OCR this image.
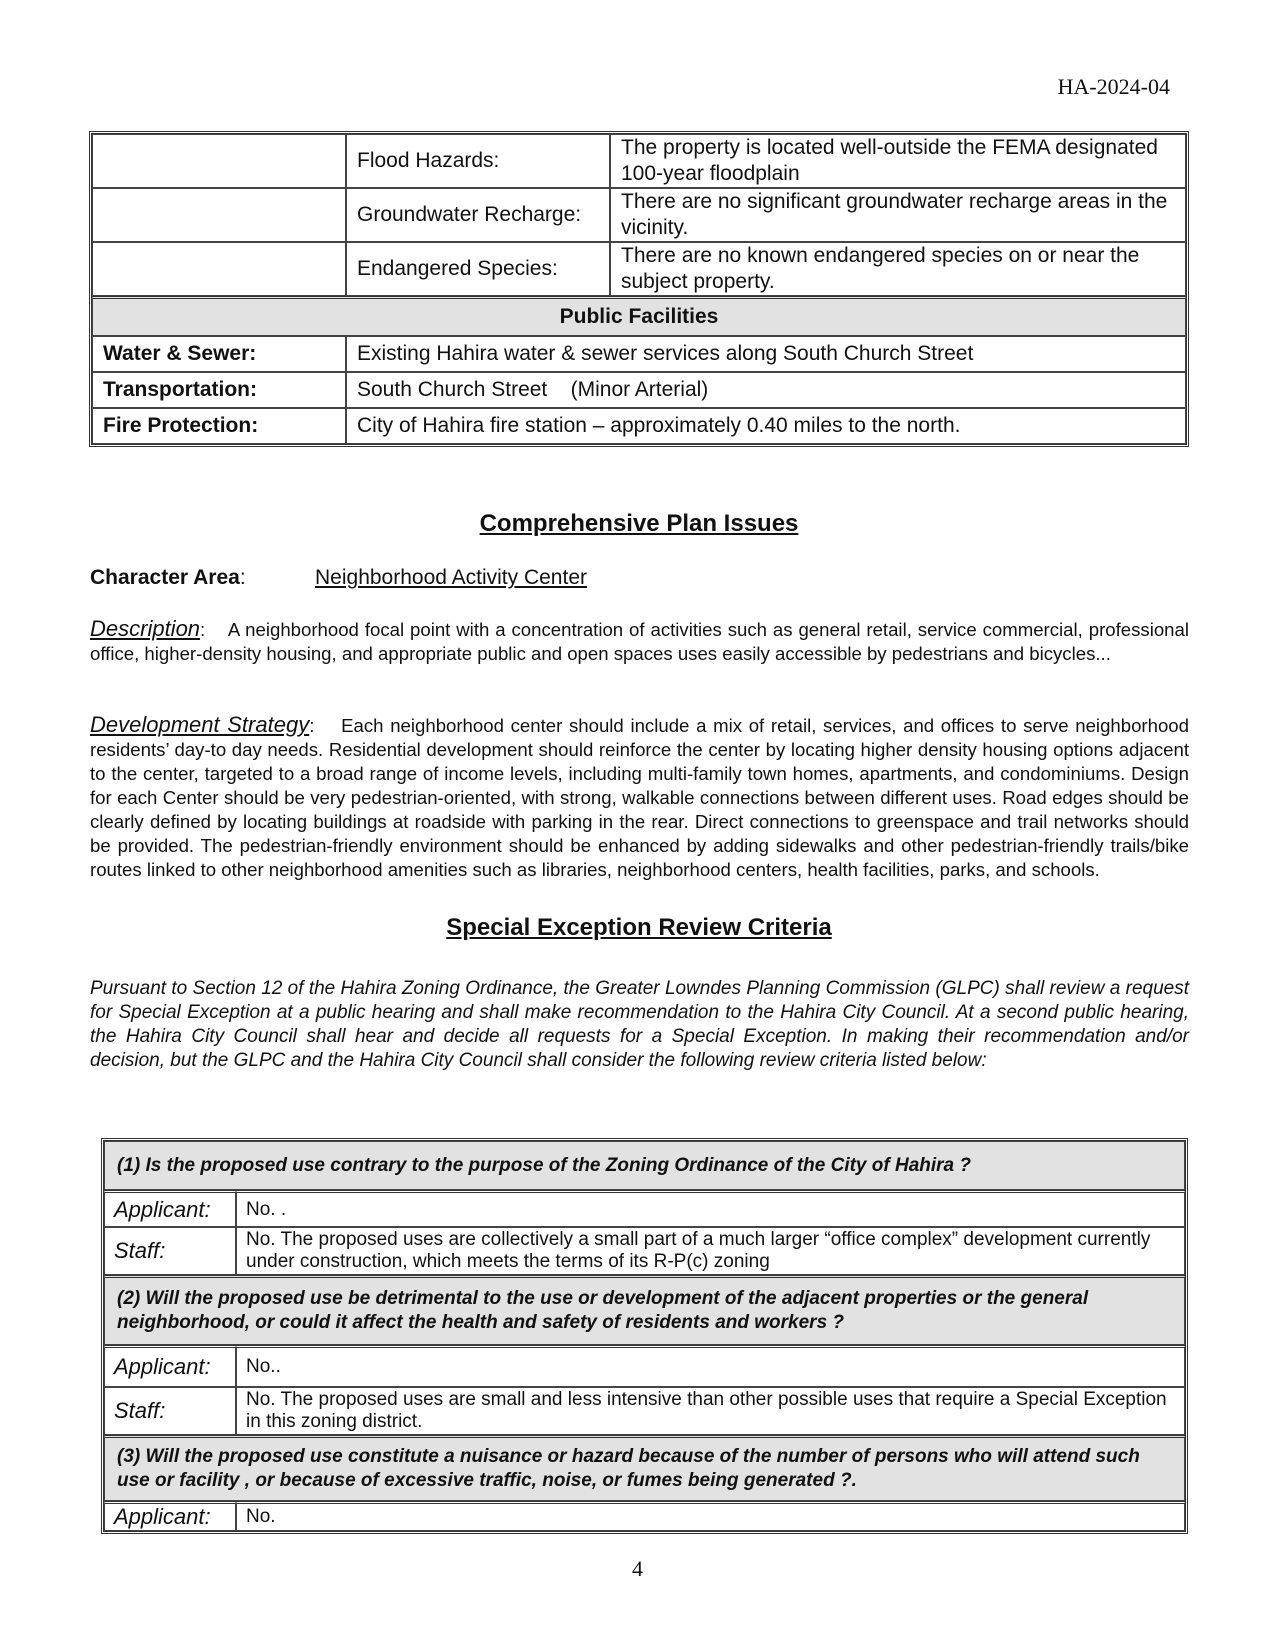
HA-2024-04
	Flood Hazards:	The property is located well-outside the FEMA designated 100-year floodplain
	Groundwater Recharge:	There are no significant groundwater recharge areas in the vicinity.
	Endangered Species:	There are no known endangered species on or near the subject property.
Public Facilities		
Water & Sewer:	Existing Hahira water & sewer services along South Church Street	
Transportation:	South Church Street    (Minor Arterial)	
Fire Protection:	City of Hahira fire station – approximately 0.40 miles to the north.	
Comprehensive Plan Issues
Character Area:	Neighborhood Activity Center
Description:    A neighborhood focal point with a concentration of activities such as general retail, service commercial, professional office, higher-density housing, and appropriate public and open spaces uses easily accessible by pedestrians and bicycles...
Development Strategy:    Each neighborhood center should include a mix of retail, services, and offices to serve neighborhood residents’ day-to day needs. Residential development should reinforce the center by locating higher density housing options adjacent to the center, targeted to a broad range of income levels, including multi-family town homes, apartments, and condominiums. Design for each Center should be very pedestrian-oriented, with strong, walkable connections between different uses. Road edges should be clearly defined by locating buildings at roadside with parking in the rear. Direct connections to greenspace and trail networks should be provided. The pedestrian-friendly environment should be enhanced by adding sidewalks and other pedestrian-friendly trails/bike routes linked to other neighborhood amenities such as libraries, neighborhood centers, health facilities, parks, and schools.
Special Exception Review Criteria
Pursuant to Section 12 of the Hahira Zoning Ordinance, the Greater Lowndes Planning Commission (GLPC) shall review a request for Special Exception at a public hearing and shall make recommendation to the Hahira City Council. At a second public hearing, the Hahira City Council shall hear and decide all requests for a Special Exception. In making their recommendation and/or decision, but the GLPC and the Hahira City Council shall consider the following review criteria listed below:
(1) Is the proposed use contrary to the purpose of the Zoning Ordinance of the City of Hahira ?	
Applicant:	No. .
Staff:	No. The proposed uses are collectively a small part of a much larger “office complex” development currently under construction, which meets the terms of its R-P(c) zoning
(2) Will the proposed use be detrimental to the use or development of the adjacent properties or the general neighborhood, or could it affect the health and safety of residents and workers ?	
Applicant:	No..
Staff:	No. The proposed uses are small and less intensive than other possible uses that require a Special Exception in this zoning district.
(3) Will the proposed use constitute a nuisance or hazard because of the number of persons who will attend such use or facility , or because of excessive traffic, noise, or fumes being generated ?.	
Applicant:	No.
4
